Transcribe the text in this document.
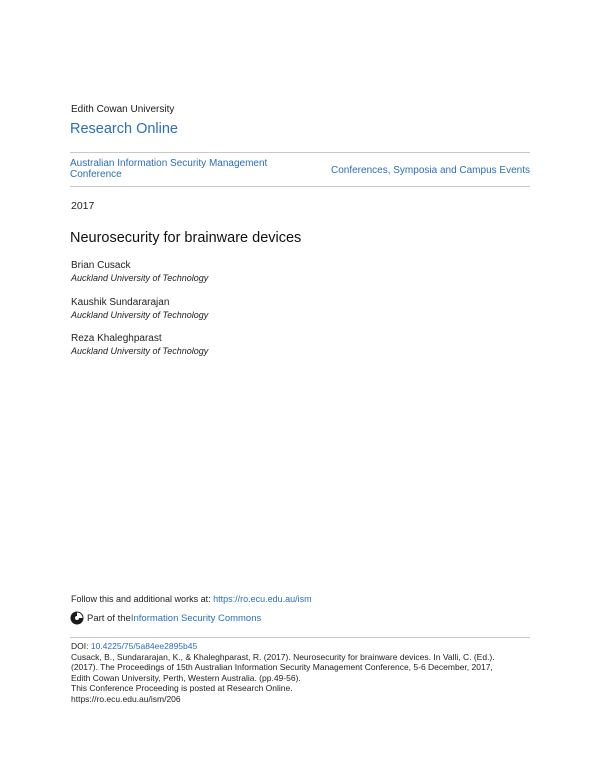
Edith Cowan University
Research Online
Australian Information Security Management Conference	Conferences, Symposia and Campus Events
2017
Neurosecurity for brainware devices
Brian Cusack
Auckland University of Technology
Kaushik Sundararajan
Auckland University of Technology
Reza Khaleghparast
Auckland University of Technology
Follow this and additional works at: https://ro.ecu.edu.au/ism
Part of the Information Security Commons
DOI: 10.4225/75/5a84ee2895b45
Cusack, B., Sundararajan, K., & Khaleghparast, R. (2017). Neurosecurity for brainware devices. In Valli, C. (Ed.).
(2017). The Proceedings of 15th Australian Information Security Management Conference, 5-6 December, 2017,
Edith Cowan University, Perth, Western Australia. (pp.49-56).
This Conference Proceeding is posted at Research Online.
https://ro.ecu.edu.au/ism/206
